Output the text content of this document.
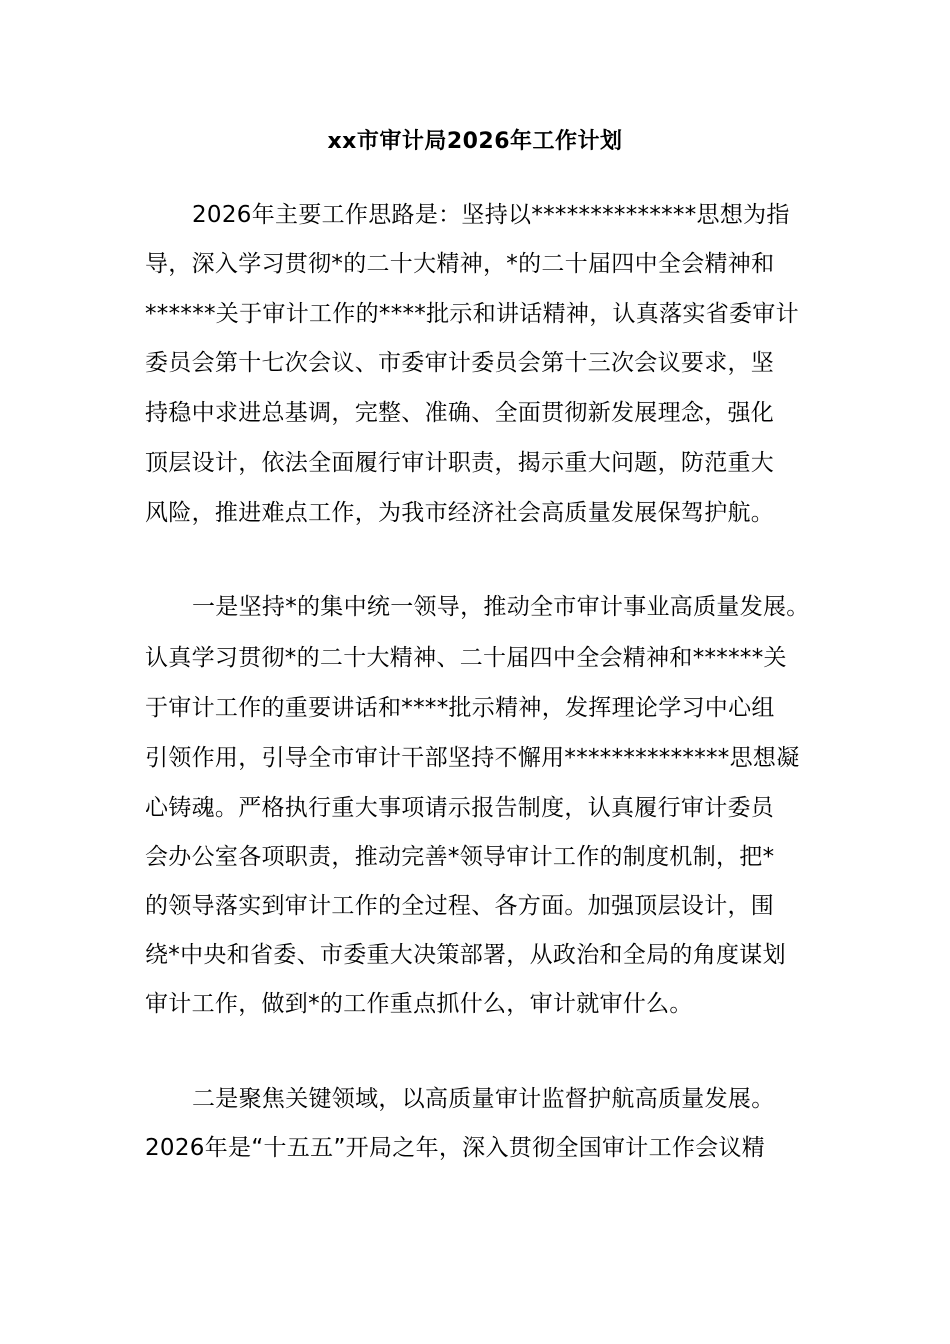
xx市审计局2026年工作计划
2026年主要工作思路是：坚持以**************思想为指
导，深入学习贯彻*的二十大精神，*的二十届四中全会精神和
******关于审计工作的****批示和讲话精神，认真落实省委审计
委员会第十七次会议、市委审计委员会第十三次会议要求，坚
持稳中求进总基调，完整、准确、全面贯彻新发展理念，强化
顶层设计，依法全面履行审计职责，揭示重大问题，防范重大
风险，推进难点工作，为我市经济社会高质量发展保驾护航。
一是坚持*的集中统一领导，推动全市审计事业高质量发展。
认真学习贯彻*的二十大精神、二十届四中全会精神和******关
于审计工作的重要讲话和****批示精神，发挥理论学习中心组
引领作用，引导全市审计干部坚持不懈用**************思想凝
心铸魂。严格执行重大事项请示报告制度，认真履行审计委员
会办公室各项职责，推动完善*领导审计工作的制度机制，把*
的领导落实到审计工作的全过程、各方面。加强顶层设计，围
绕*中央和省委、市委重大决策部署，从政治和全局的角度谋划
审计工作，做到*的工作重点抓什么，审计就审什么。
二是聚焦关键领域，以高质量审计监督护航高质量发展。
2026年是“十五五”开局之年，深入贯彻全国审计工作会议精
